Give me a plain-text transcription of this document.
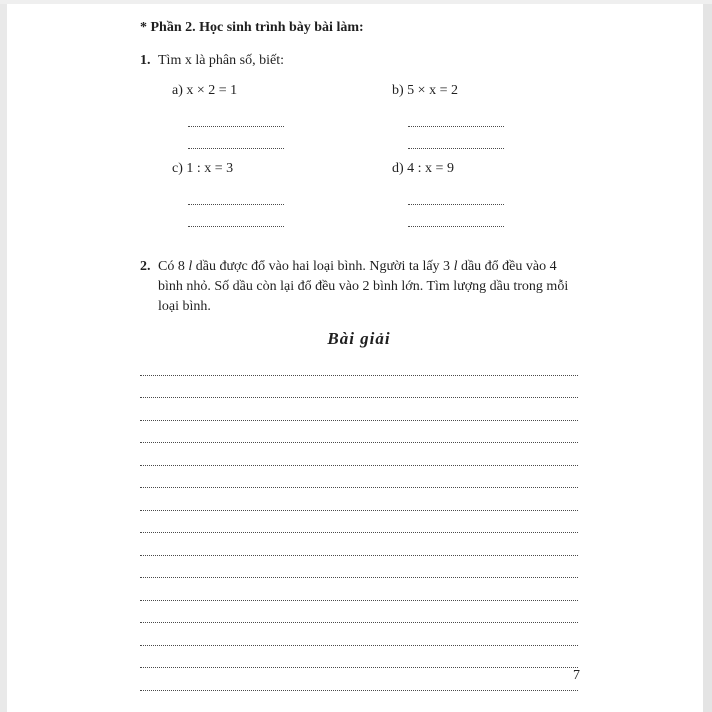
* Phần 2. Học sinh trình bày bài làm:

1. Tìm x là phân số, biết:
a) x × 2 = 1	b) 5 × x = 2
c) 1 : x = 3	d) 4 : x = 9
2. Có 8 l dầu được đổ vào hai loại bình. Người ta lấy 3 l dầu đổ đều vào 4 bình nhỏ. Số dầu còn lại đổ đều vào 2 bình lớn. Tìm lượng dầu trong mỗi loại bình.
Bài giải
7
